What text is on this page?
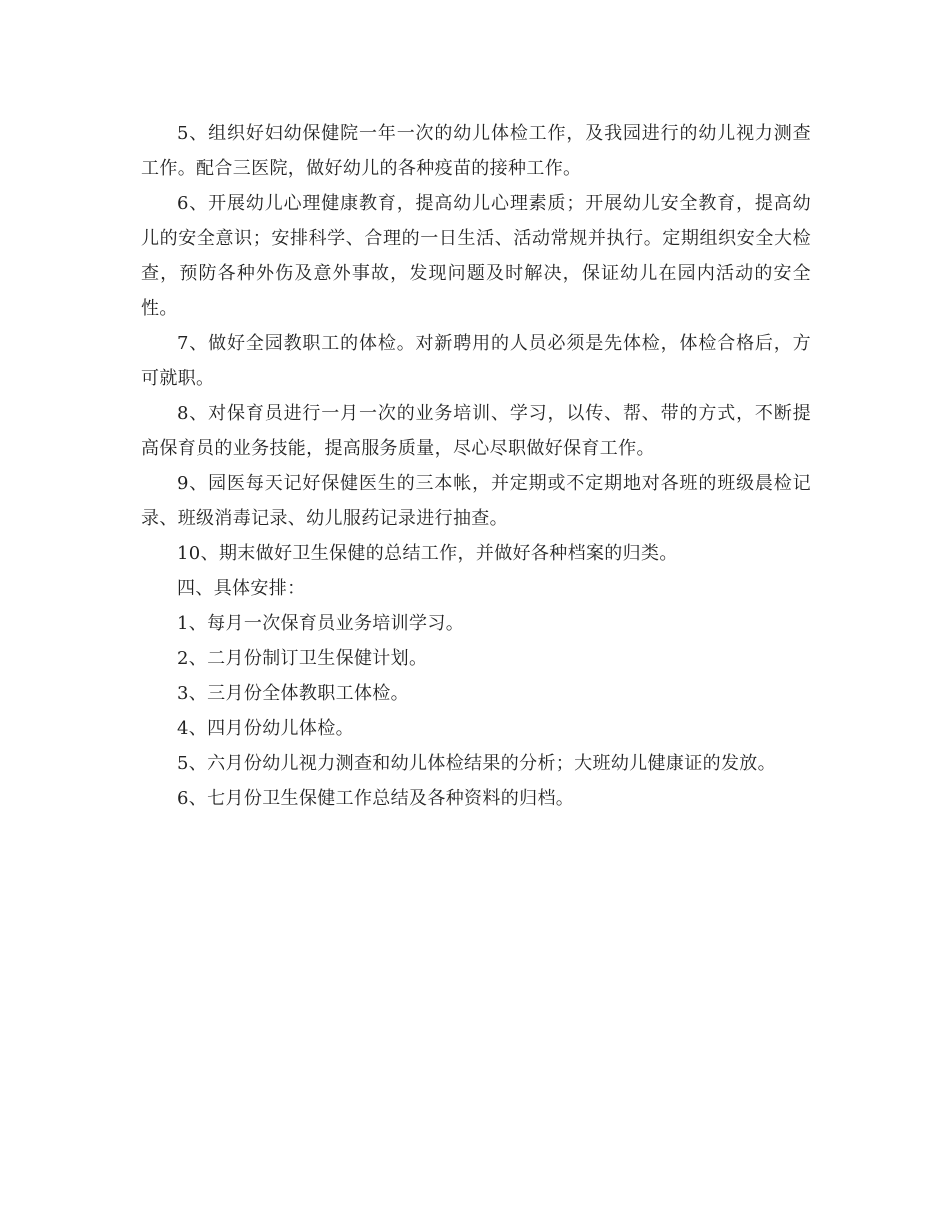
5、组织好妇幼保健院一年一次的幼儿体检工作，及我园进行的幼儿视力测查工作。配合三医院，做好幼儿的各种疫苗的接种工作。

6、开展幼儿心理健康教育，提高幼儿心理素质；开展幼儿安全教育，提高幼儿的安全意识；安排科学、合理的一日生活、活动常规并执行。定期组织安全大检查，预防各种外伤及意外事故，发现问题及时解决，保证幼儿在园内活动的安全性。

7、做好全园教职工的体检。对新聘用的人员必须是先体检，体检合格后，方可就职。

8、对保育员进行一月一次的业务培训、学习，以传、帮、带的方式，不断提高保育员的业务技能，提高服务质量，尽心尽职做好保育工作。

9、园医每天记好保健医生的三本帐，并定期或不定期地对各班的班级晨检记录、班级消毒记录、幼儿服药记录进行抽查。

10、期末做好卫生保健的总结工作，并做好各种档案的归类。

四、具体安排：

1、每月一次保育员业务培训学习。

2、二月份制订卫生保健计划。

3、三月份全体教职工体检。

4、四月份幼儿体检。

5、六月份幼儿视力测查和幼儿体检结果的分析；大班幼儿健康证的发放。

6、七月份卫生保健工作总结及各种资料的归档。
